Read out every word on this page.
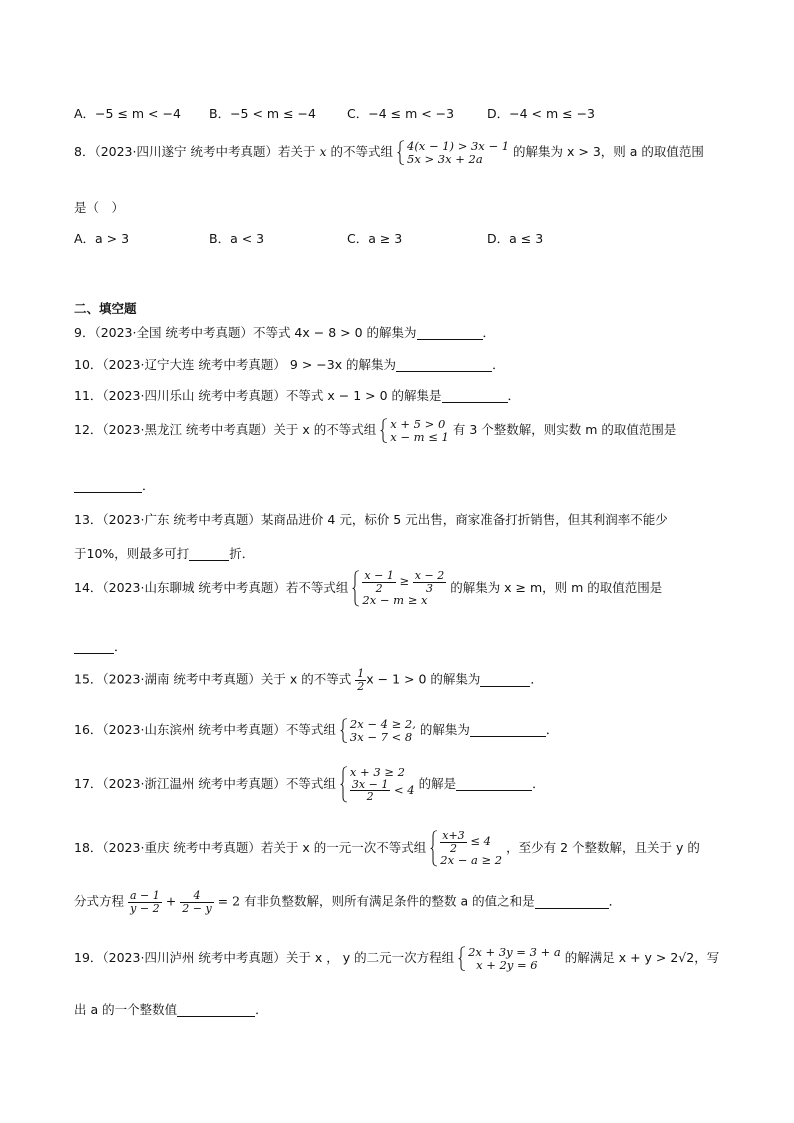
A．−5 ≤ m < −4 B．−5 < m ≤ −4 C．−4 ≤ m < −3	D．−4 < m ≤ −3
8．（2023·四川遂宁 统考中考真题）若关于 x 的不等式组 4(x − 1) > 3x − 1
5x > 3x + 2a	的解集为 x > 3，则 a 的取值范围
是（　）
A．a > 3	B．a < 3	C．a ≥ 3	D．a ≤ 3
二、填空题
9．（2023·全国 统考中考真题）不等式 4x − 8 > 0 的解集为	．
10．（2023·辽宁大连 统考中考真题） 9 > −3x 的解集为	．
11．（2023·四川乐山 统考中考真题）不等式 x − 1 > 0 的解集是	．
12．（2023·黑龙江 统考中考真题）关于 x 的不等式组 x + 5 > 0
x − m ≤ 1 有 3 个整数解，则实数 m 的取值范围是
．
13．（2023·广东 统考中考真题）某商品进价 4 元，标价 5 元出售，商家准备打折销售，但其利润率不能少
于10%，则最多可打	折．
14．（2023·山东聊城 统考中考真题）若不等式组 $\frac{x - 1}{2} \ge \frac{x - 2}{3}$
2x − m ≥ x
的解集为 x ≥ m，则 m 的取值范围是
．
15．（2023·湖南 统考中考真题）关于 x 的不等式 $\frac{1}{2}$ x − 1 > 0 的解集为	．
16．（2023·山东滨州 统考中考真题）不等式组 2x − 4 ≥ 2,
3x − 7 < 8 的解集为	．
17．（2023·浙江温州 统考中考真题）不等式组
x + 3 ≥ 2
$\frac{3x - 1}{2} < 4$ 的解是	．
18．（2023·重庆 统考中考真题）若关于 x 的一元一次不等式组 $\frac{x+3}{2} \le 4$
2x − a ≥ 2
，至少有 2 个整数解，且关于 y 的
分式方程 $\frac{a - 1}{y - 2} + \frac{4}{2 - y} = 2$ 有非负整数解，则所有满足条件的整数 a 的值之和是	．
19．（2023·四川泸州 统考中考真题）关于 x ， y 的二元一次方程组 2x + 3y = 3 + a
x + 2y = 6	的解满足 x + y > 2√2，写
出 a 的一个整数值	．
